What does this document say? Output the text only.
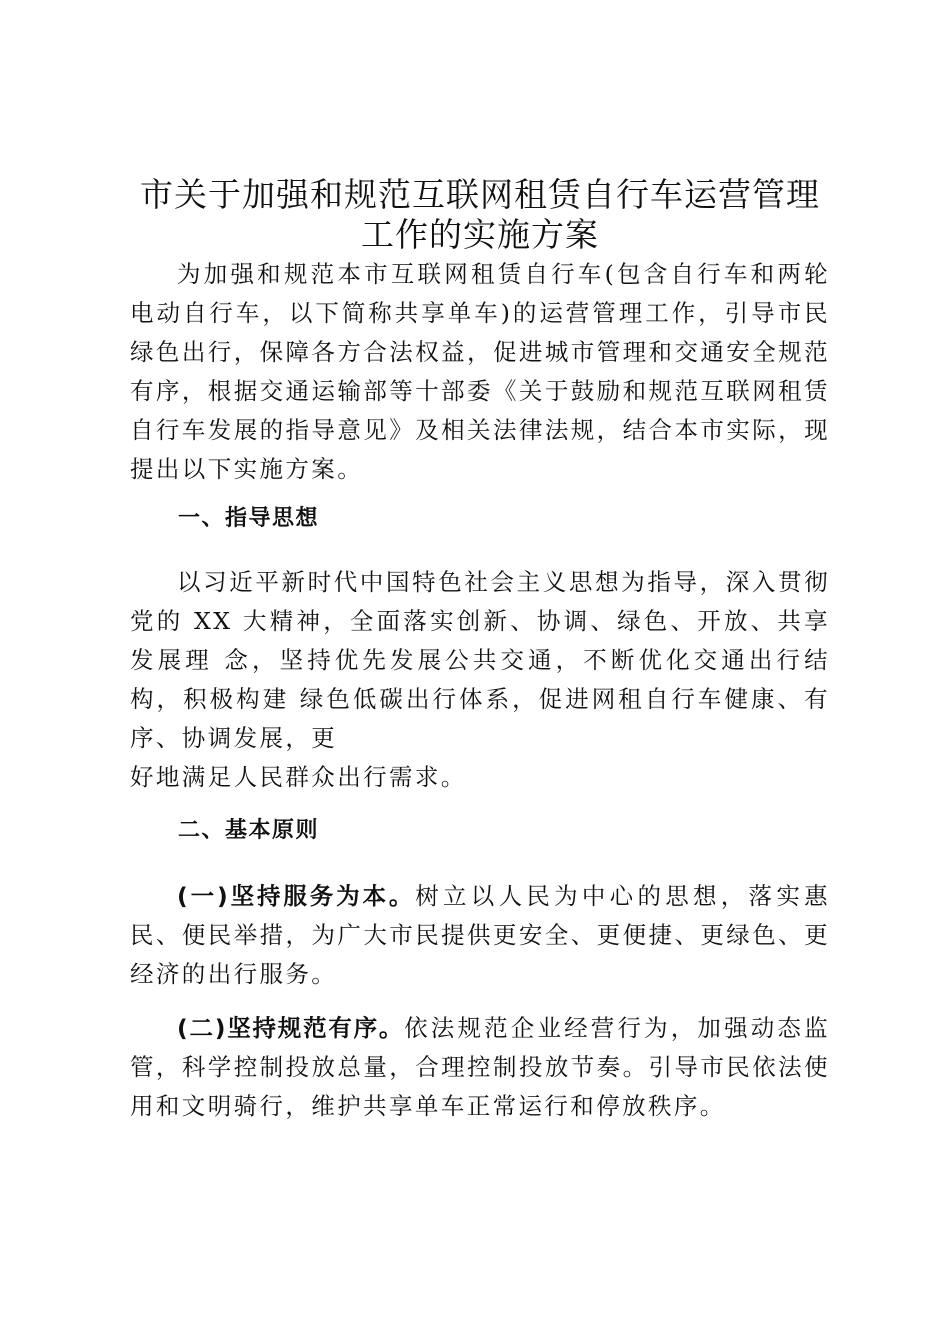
市关于加强和规范互联网租赁自行车运营管理
工作的实施方案

为加强和规范本市互联网租赁自行车(包含自行车和两轮电动自行车，以下简称共享单车)的运营管理工作，引导市民绿色出行，保障各方合法权益，促进城市管理和交通安全规范有序，根据交通运输部等十部委《关于鼓励和规范互联网租赁自行车发展的指导意见》及相关法律法规，结合本市实际，现提出以下实施方案。

一、指导思想

以习近平新时代中国特色社会主义思想为指导，深入贯彻党的 XX 大精神，全面落实创新、协调、绿色、开放、共享发展理 念，坚持优先发展公共交通，不断优化交通出行结构，积极构建 绿色低碳出行体系，促进网租自行车健康、有序、协调发展，更

好地满足人民群众出行需求。

二、基本原则

(一)坚持服务为本。树立以人民为中心的思想，落实惠民、便民举措，为广大市民提供更安全、更便捷、更绿色、更经济的出行服务。

(二)坚持规范有序。依法规范企业经营行为，加强动态监管，科学控制投放总量，合理控制投放节奏。引导市民依法使用和文明骑行，维护共享单车正常运行和停放秩序。
